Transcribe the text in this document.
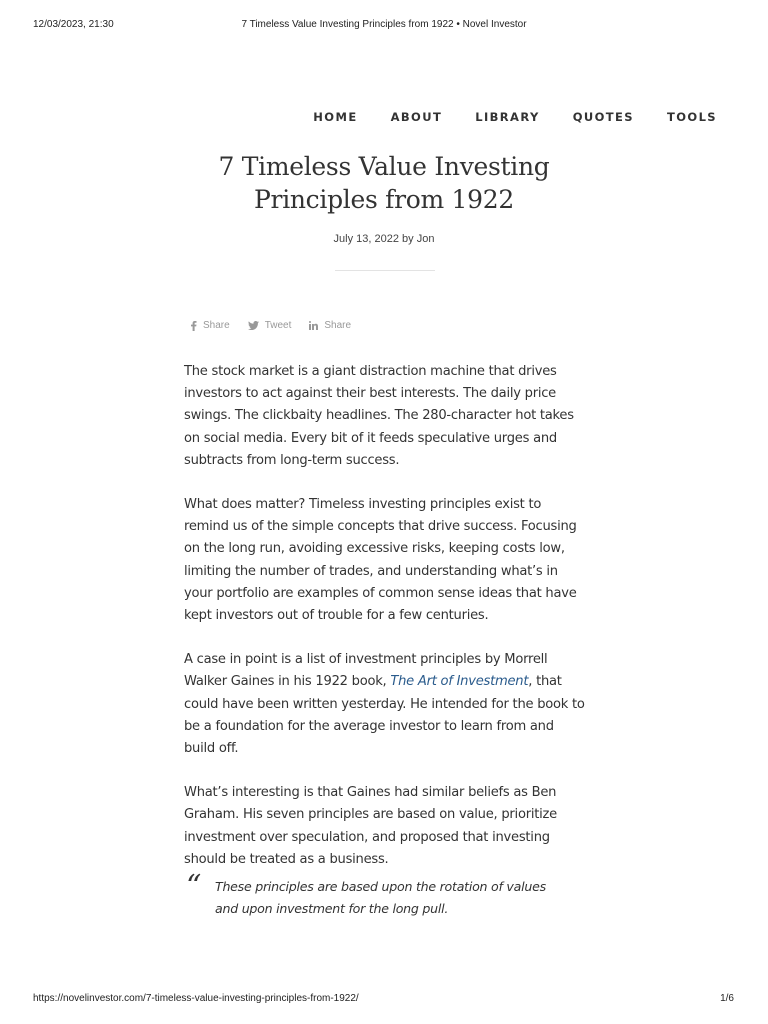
12/03/2023, 21:30	7 Timeless Value Investing Principles from 1922 • Novel Investor
HOME	ABOUT	LIBRARY	QUOTES	TOOLS
7 Timeless Value Investing
Principles from 1922
July 13, 2022 by Jon
Share	Tweet	Share

The stock market is a giant distraction machine that drives investors to act against their best interests. The daily price swings. The clickbaity headlines. The 280-character hot takes on social media. Every bit of it feeds speculative urges and subtracts from long-term success.

What does matter? Timeless investing principles exist to remind us of the simple concepts that drive success. Focusing on the long run, avoiding excessive risks, keeping costs low, limiting the number of trades, and understanding what’s in your portfolio are examples of common sense ideas that have kept investors out of trouble for a few centuries.

A case in point is a list of investment principles by Morrell Walker Gaines in his 1922 book, The Art of Investment, that could have been written yesterday. He intended for the book to be a foundation for the average investor to learn from and build off.

What’s interesting is that Gaines had similar beliefs as Ben Graham. His seven principles are based on value, prioritize investment over speculation, and proposed that investing should be treated as a business.

“ These principles are based upon the rotation of values and upon investment for the long pull.
https://novelinvestor.com/7-timeless-value-investing-principles-from-1922/	1/6
